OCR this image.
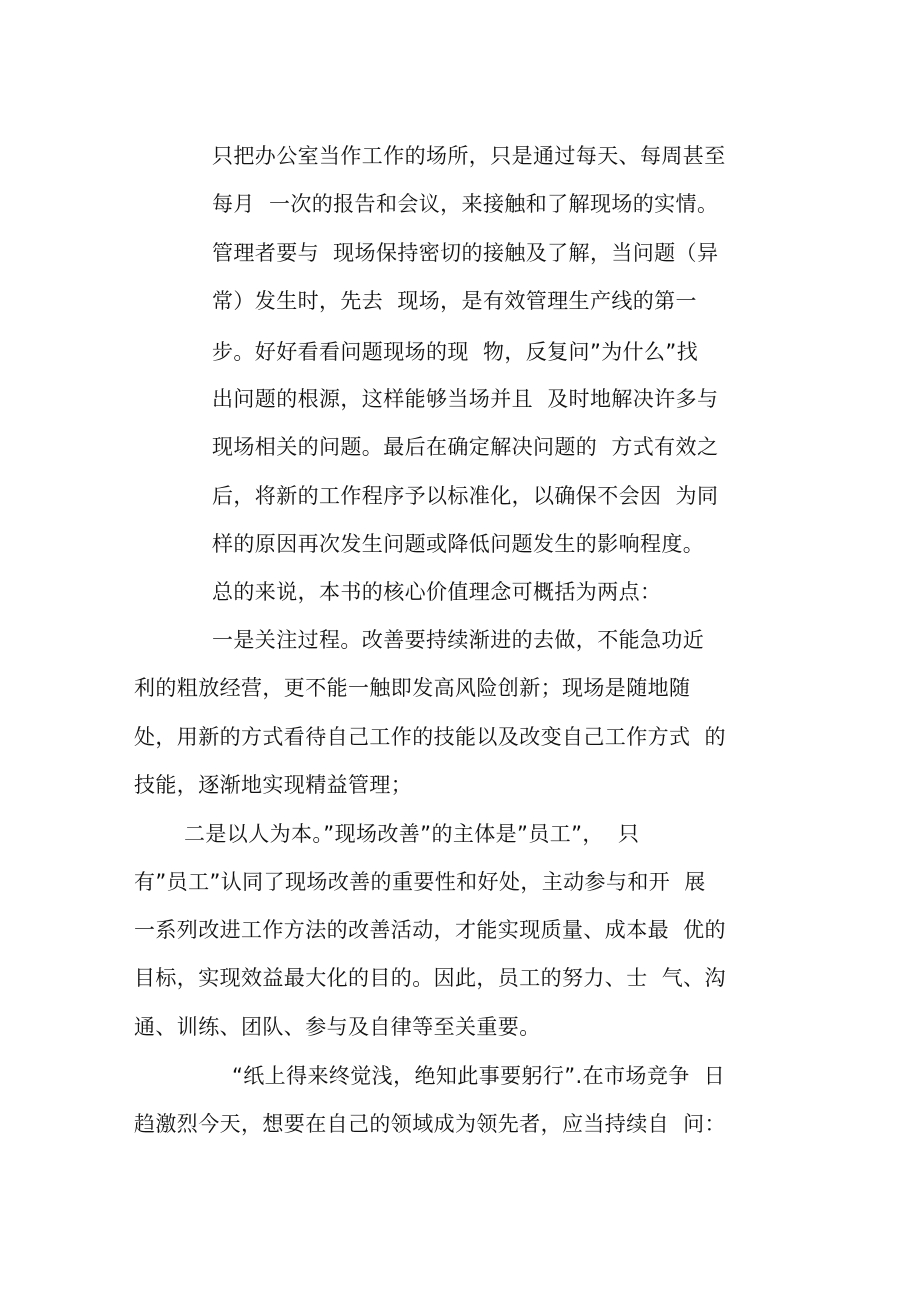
只把办公室当作工作的场所，只是通过每天、每周甚至
每月  一次的报告和会议，来接触和了解现场的实情。
管理者要与  现场保持密切的接触及了解，当问题（异
常）发生时，先去  现场，是有效管理生产线的第一
步。好好看看问题现场的现  物，反复问”为什么”找
出问题的根源，这样能够当场并且  及时地解决许多与
现场相关的问题。最后在确定解决问题的  方式有效之
后，将新的工作程序予以标准化，以确保不会因  为同
样的原因再次发生问题或降低问题发生的影响程度。
总的来说，本书的核心价值理念可概括为两点：
一是关注过程。改善要持续渐进的去做，不能急功近
利的粗放经营，更不能一触即发高风险创新；现场是随地随
处，用新的方式看待自己工作的技能以及改变自己工作方式  的
技能，逐渐地实现精益管理；
二是以人为本。”现场改善”的主体是”员工”，  只
有”员工”认同了现场改善的重要性和好处，主动参与和开  展
一系列改进工作方法的改善活动，才能实现质量、成本最  优的
目标，实现效益最大化的目的。因此，员工的努力、士  气、沟
通、训练、团队、参与及自律等至关重要。
“纸上得来终觉浅，绝知此事要躬行”.在市场竞争  日
趋激烈今天，想要在自己的领域成为领先者，应当持续自  问：
